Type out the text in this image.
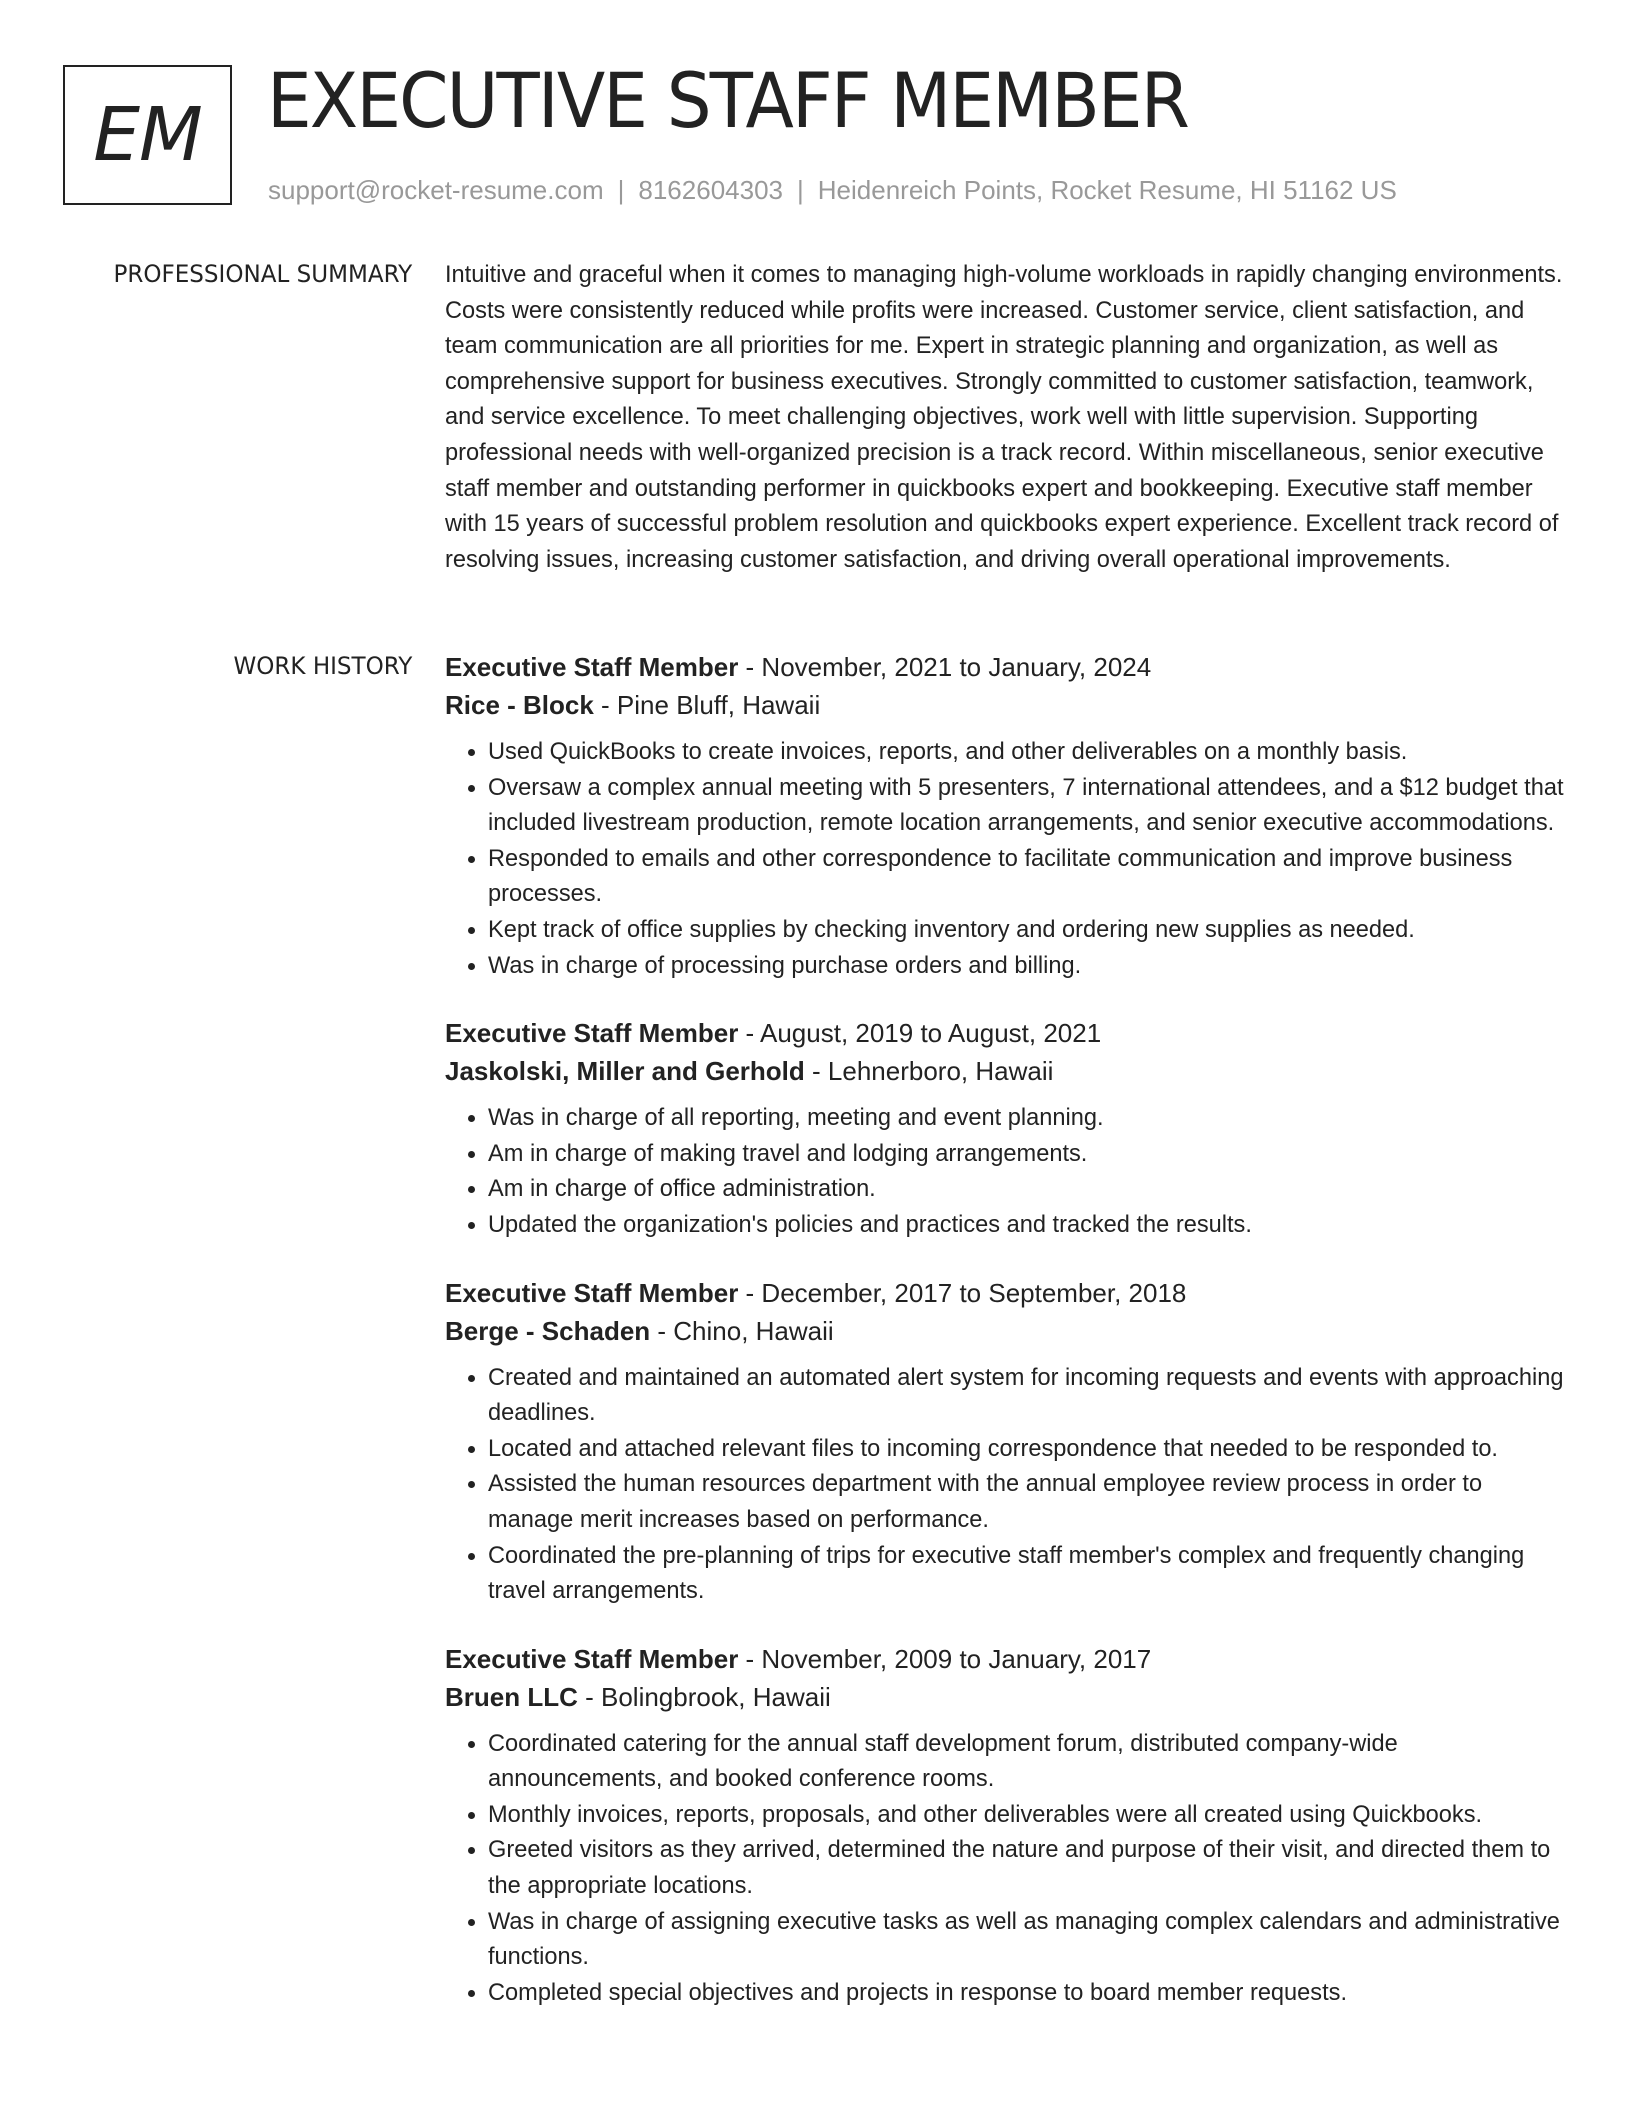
EM EXECUTIVE STAFF MEMBER
support@rocket-resume.com | 8162604303 | Heidenreich Points, Rocket Resume, HI 51162 US
PROFESSIONAL SUMMARY Intuitive and graceful when it comes to managing high-volume workloads in rapidly changing environments. Costs were consistently reduced while profits were increased. Customer service, client satisfaction, and team communication are all priorities for me. Expert in strategic planning and organization, as well as comprehensive support for business executives. Strongly committed to customer satisfaction, teamwork, and service excellence. To meet challenging objectives, work well with little supervision. Supporting professional needs with well-organized precision is a track record. Within miscellaneous, senior executive staff member and outstanding performer in quickbooks expert and bookkeeping. Executive staff member with 15 years of successful problem resolution and quickbooks expert experience. Excellent track record of resolving issues, increasing customer satisfaction, and driving overall operational improvements.

WORK HISTORY Executive Staff Member - November, 2021 to January, 2024
Rice - Block - Pine Bluff, Hawaii
• Used QuickBooks to create invoices, reports, and other deliverables on a monthly basis.
• Oversaw a complex annual meeting with 5 presenters, 7 international attendees, and a $12 budget that included livestream production, remote location arrangements, and senior executive accommodations.
• Responded to emails and other correspondence to facilitate communication and improve business processes.
• Kept track of office supplies by checking inventory and ordering new supplies as needed.
• Was in charge of processing purchase orders and billing.
Executive Staff Member - August, 2019 to August, 2021
Jaskolski, Miller and Gerhold - Lehnerboro, Hawaii
• Was in charge of all reporting, meeting and event planning.
• Am in charge of making travel and lodging arrangements.
• Am in charge of office administration.
• Updated the organization's policies and practices and tracked the results.
Executive Staff Member - December, 2017 to September, 2018
Berge - Schaden - Chino, Hawaii
• Created and maintained an automated alert system for incoming requests and events with approaching deadlines.
• Located and attached relevant files to incoming correspondence that needed to be responded to.
• Assisted the human resources department with the annual employee review process in order to manage merit increases based on performance.
• Coordinated the pre-planning of trips for executive staff member's complex and frequently changing travel arrangements.
Executive Staff Member - November, 2009 to January, 2017
Bruen LLC - Bolingbrook, Hawaii
• Coordinated catering for the annual staff development forum, distributed company-wide announcements, and booked conference rooms.
• Monthly invoices, reports, proposals, and other deliverables were all created using Quickbooks.
• Greeted visitors as they arrived, determined the nature and purpose of their visit, and directed them to the appropriate locations.
• Was in charge of assigning executive tasks as well as managing complex calendars and administrative functions.
• Completed special objectives and projects in response to board member requests.
